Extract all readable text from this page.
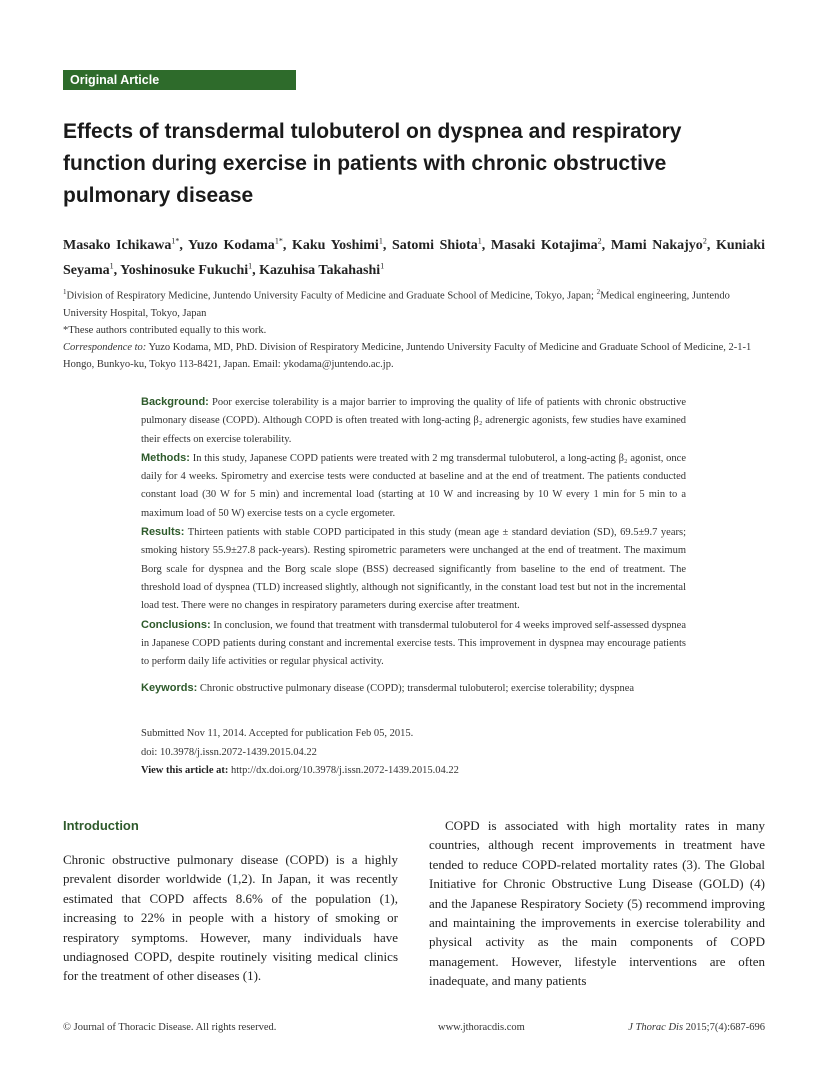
Original Article
Effects of transdermal tulobuterol on dyspnea and respiratory function during exercise in patients with chronic obstructive pulmonary disease

Masako Ichikawa$^{1*}$, Yuzo Kodama$^{1*}$, Kaku Yoshimi$^1$, Satomi Shiota$^1$, Masaki Kotajima$^2$, Mami Nakajyo$^2$, Kuniaki Seyama$^1$, Yoshinosuke Fukuchi$^1$, Kazuhisa Takahashi$^1$

$^1$Division of Respiratory Medicine, Juntendo University Faculty of Medicine and Graduate School of Medicine, Tokyo, Japan; $^2$Medical engineering, Juntendo University Hospital, Tokyo, Japan

*These authors contributed equally to this work.

Correspondence to: Yuzo Kodama, MD, PhD. Division of Respiratory Medicine, Juntendo University Faculty of Medicine and Graduate School of Medicine, 2-1-1 Hongo, Bunkyo-ku, Tokyo 113-8421, Japan. Email: ykodama@juntendo.ac.jp.

Background: Poor exercise tolerability is a major barrier to improving the quality of life of patients with chronic obstructive pulmonary disease (COPD). Although COPD is often treated with long-acting β₂ adrenergic agonists, few studies have examined their effects on exercise tolerability.

Methods: In this study, Japanese COPD patients were treated with 2 mg transdermal tulobuterol, a long-acting β₂ agonist, once daily for 4 weeks. Spirometry and exercise tests were conducted at baseline and at the end of treatment. The patients conducted constant load (30 W for 5 min) and incremental load (starting at 10 W and increasing by 10 W every 1 min for 5 min to a maximum load of 50 W) exercise tests on a cycle ergometer.

Results: Thirteen patients with stable COPD participated in this study (mean age ± standard deviation (SD), 69.5±9.7 years; smoking history 55.9±27.8 pack-years). Resting spirometric parameters were unchanged at the end of treatment. The maximum Borg scale for dyspnea and the Borg scale slope (BSS) decreased significantly from baseline to the end of treatment. The threshold load of dyspnea (TLD) increased slightly, although not significantly, in the constant load test but not in the incremental load test. There were no changes in respiratory parameters during exercise after treatment.

Conclusions: In conclusion, we found that treatment with transdermal tulobuterol for 4 weeks improved self-assessed dyspnea in Japanese COPD patients during constant and incremental exercise tests. This improvement in dyspnea may encourage patients to perform daily life activities or regular physical activity.

Keywords: Chronic obstructive pulmonary disease (COPD); transdermal tulobuterol; exercise tolerability; dyspnea

Submitted Nov 11, 2014. Accepted for publication Feb 05, 2015.

doi: 10.3978/j.issn.2072-1439.2015.04.22

View this article at: http://dx.doi.org/10.3978/j.issn.2072-1439.2015.04.22

Introduction

Chronic obstructive pulmonary disease (COPD) is a highly prevalent disorder worldwide (1,2). In Japan, it was recently estimated that COPD affects 8.6% of the population (1), increasing to 22% in people with a history of smoking or respiratory symptoms. However, many individuals have undiagnosed COPD, despite routinely visiting medical clinics for the treatment of other diseases (1).

COPD is associated with high mortality rates in many countries, although recent improvements in treatment have tended to reduce COPD-related mortality rates (3). The Global Initiative for Chronic Obstructive Lung Disease (GOLD) (4) and the Japanese Respiratory Society (5) recommend improving and maintaining the improvements in exercise tolerability and physical activity as the main components of COPD management. However, lifestyle interventions are often inadequate, and many patients

© Journal of Thoracic Disease. All rights reserved.	www.jthoracdis.com	J Thorac Dis 2015;7(4):687-696
